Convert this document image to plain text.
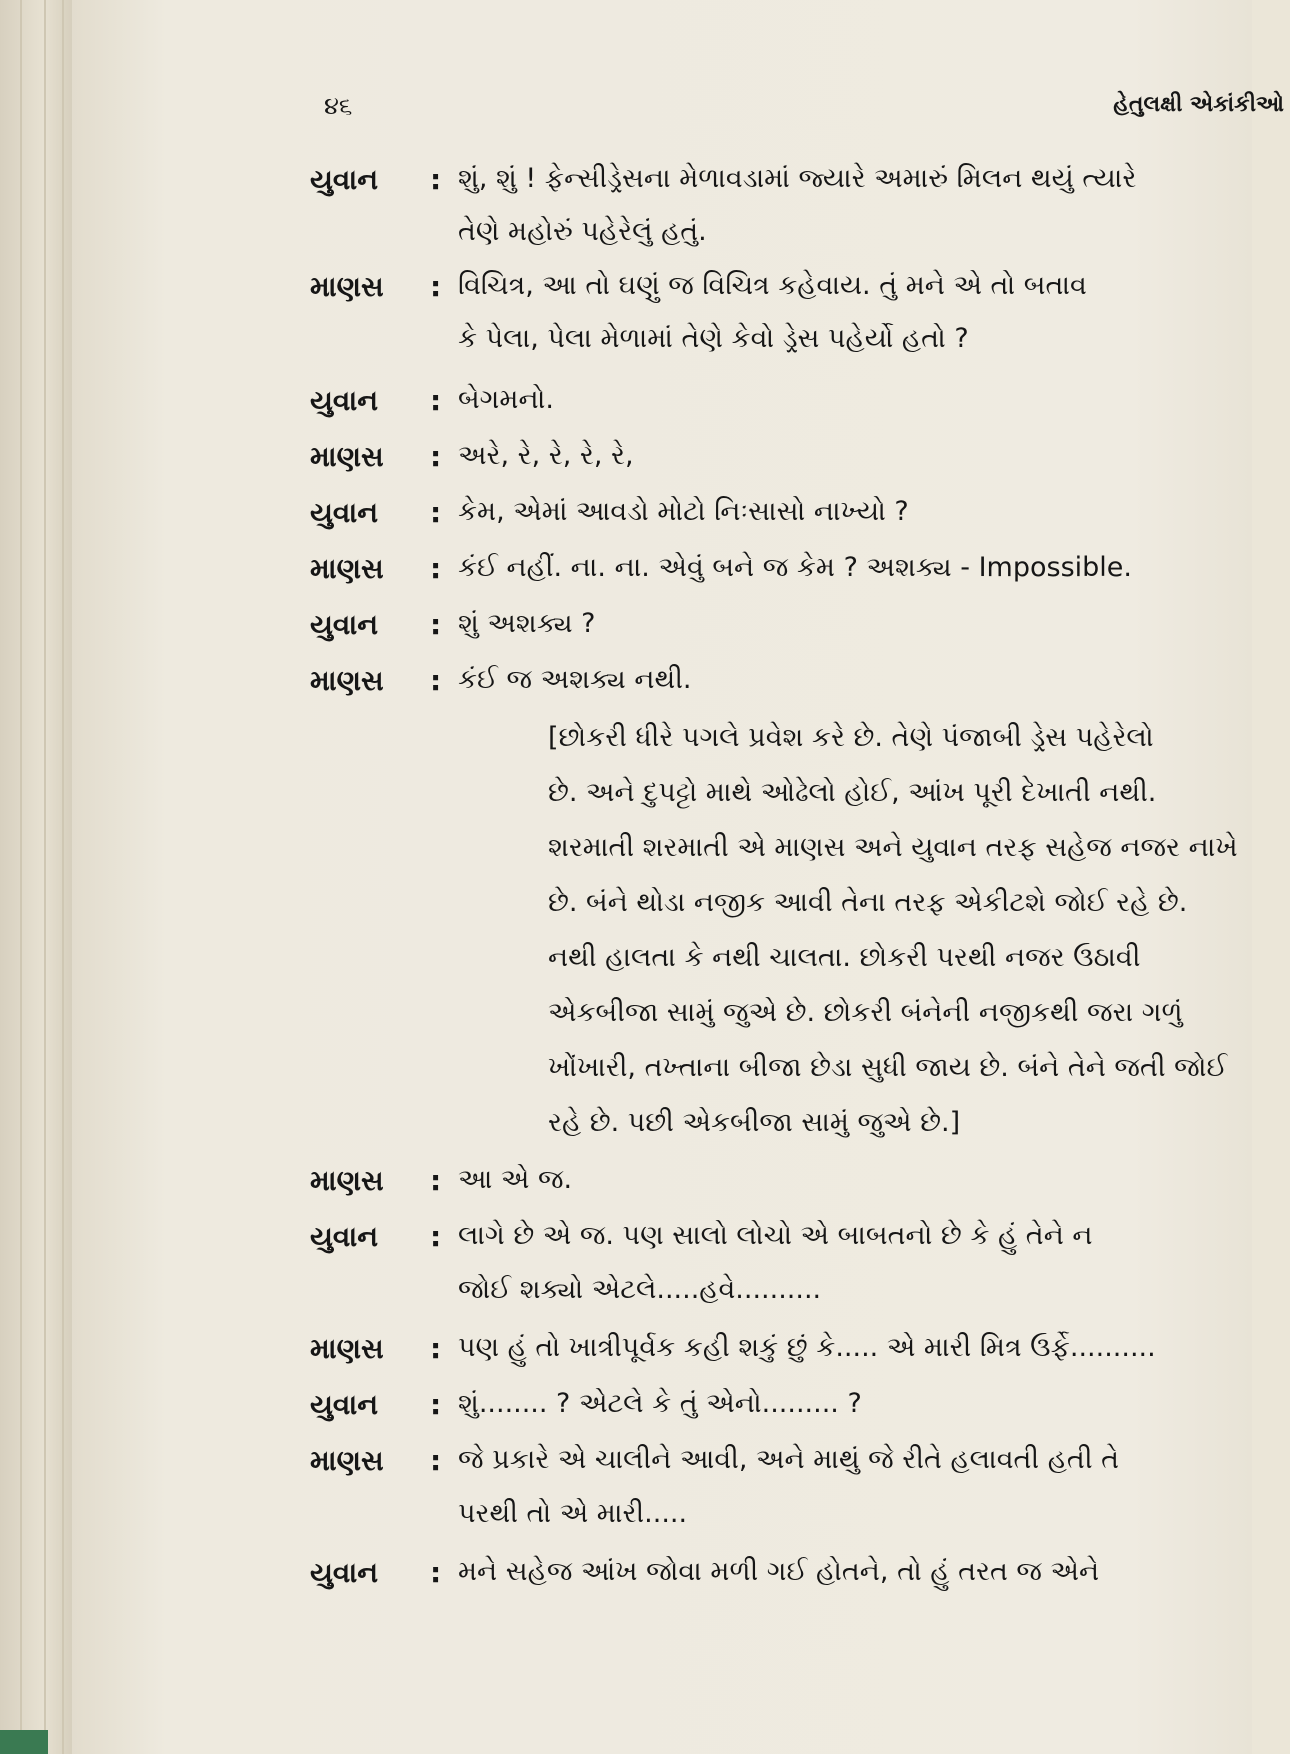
૪૬	હેતુલક્ષી એકાંકીઓ
યુવાન	: શું, શું ! ફેન્સીડ્રેસના મેળાવડામાં જ્યારે અમારું મિલન થયું ત્યારે
તેણે મહોરું પહેરેલું હતું.
માણસ	: વિચિત્ર, આ તો ઘણું જ વિચિત્ર કહેવાય. તું મને એ તો બતાવ
કે પેલા, પેલા મેળામાં તેણે કેવો ડ્રેસ પહેર્યો હતો ?
યુવાન	: બેગમનો.
માણસ	: અરે, રે, રે, રે, રે,
યુવાન	: કેમ, એમાં આવડો મોટો નિઃસાસો નાખ્યો ?
માણસ	: કંઈ નહીં. ના. ના. એવું બને જ કેમ ? અશક્ય - Impossible.
યુવાન	: શું અશક્ય ?
માણસ	: કંઈ જ અશક્ય નથી.
[છોકરી ધીરે પગલે પ્રવેશ કરે છે. તેણે પંજાબી ડ્રેસ પહેરેલો
છે. અને દુપટ્ટો માથે ઓઢેલો હોઈ, આંખ પૂરી દેખાતી નથી.
શરમાતી શરમાતી એ માણસ અને યુવાન તરફ સહેજ નજર નાખે
છે. બંને થોડા નજીક આવી તેના તરફ એકીટશે જોઈ રહે છે.
નથી હાલતા કે નથી ચાલતા. છોકરી પરથી નજર ઉઠાવી
એકબીજા સામું જુએ છે. છોકરી બંનેની નજીકથી જરા ગળું
ખોંખારી, તખ્તાના બીજા છેડા સુધી જાય છે. બંને તેને જતી જોઈ
રહે છે. પછી એકબીજા સામું જુએ છે.]
માણસ	: આ એ જ.
યુવાન	: લાગે છે એ જ. પણ સાલો લોચો એ બાબતનો છે કે હું તેને ન
જોઈ શક્યો એટલે.....હવે..........
માણસ	: પણ હું તો ખાત્રીપૂર્વક કહી શકું છું કે..... એ મારી મિત્ર ઉર્ફે..........
યુવાન	: શું........ ? એટલે કે તું એનો......... ?
માણસ	: જે પ્રકારે એ ચાલીને આવી, અને માથું જે રીતે હલાવતી હતી તે
પરથી તો એ મારી.....
યુવાન	: મને સહેજ આંખ જોવા મળી ગઈ હોતને, તો હું તરત જ એને
